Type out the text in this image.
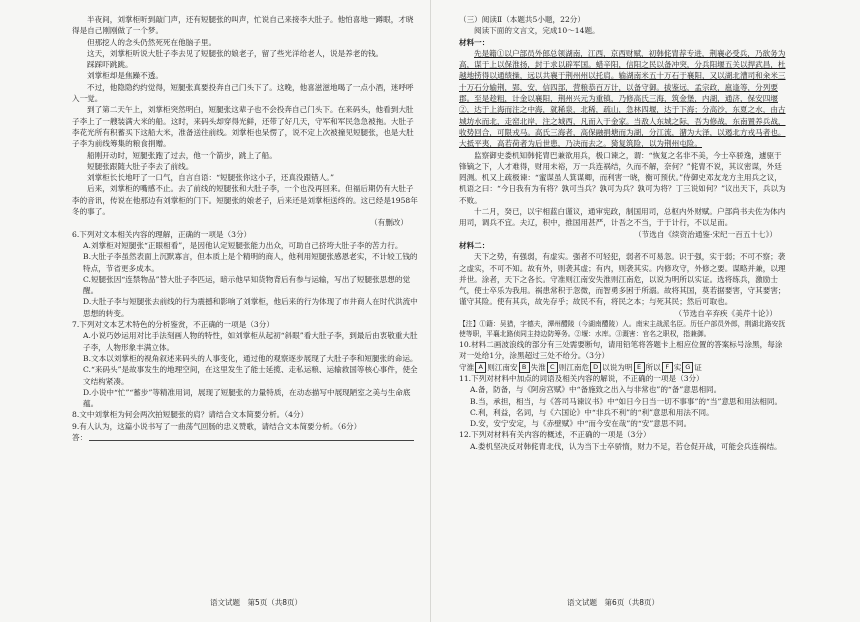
半夜间，刘掌柜听到敲门声，还有短腿张的叫声，忙说自己来接李大肚子。他怕喜地一蹲眼，才晓得是自己刚刚做了一个梦。

但那挖人的念头仍然死死在他脑子里。

这天，刘掌柜听说大肚子李去见了短腿张的娘老子，留了些光洋给老人，说是养老的钱。

踩踩吓跳跳。

刘掌柜却是焦躁不透。

不过，他隐隐约约觉得，短腿张真要投奔自己门头下了。这晚，他喜滋滋地喝了一点小酒，迷呼呼入一觉。

到了第二天午上，刘掌柜突然明白，短腿张这辈子也不会投奔自己门头下。在来码头，他看到大肚子李上了一艘装满大米的船。这时，来码头却穿得光鲜，还带了好几天，守军和军民急急被拖。大肚子李花光所有积蓄买下这船大米，准备送往前线。刘掌柜也呆愣了，说不定上次被撞见短腿张，也是大肚子李为前线筹集的粮食捐赠。

船刚开动时，短腿张跑了过去，他一个箭步，跳上了船。

短腿张跟随大肚子李去了前线。

刘掌柜长长地吁了一口气，自言自语：“短腿张你这小子，还真没跟错人。”

后来，刘掌柜的嘴感不止。去了前线的短腿张和大肚子李，一个也没再回来。但福后期仍有大肚子李的音讯，传说在他那边有刘掌柜的门下。短腿张的娘老子，后来还是刘掌柜送终的。这已经是1958年冬的事了。

（有删改）

6.下列对文本相关内容的理解，正确的一项是（3分）

A.刘掌柜对短腿张“正眼相看”，是因他认定短腿张能力出众，可助自己挤垮大肚子李的苦力行。

B.大肚子李虽然表面上沉默寡言，但本质上是个精明的商人，他利用短腿张感恩老实，不计较工钱的特点，节省更多成本。

C.短腿张因“连禁物品”替大肚子李匹运，暗示他早知货物背后有参与运输，写出了短腿张思想的觉醒。

D.大肚子李与短腿张去前线的行为震撼和影响了刘掌柜，他后来的行为体现了市井商人在时代洪流中思想的转变。

7.下列对文本艺术特色的分析鉴赏，不正确的一项是（3分）

A.小说巧妙运用对比手法刻画人物的特性，如刘掌柜从起初“斜眼”看大肚子李，到最后由衷敬重大肚子李，人物形象丰满立体。

B.文本以刘掌柜的视角叙述来码头的人事变化，通过他的观察逐步展现了大肚子李和短腿张的命运。

C.“来码头”是故事发生的地理空间，在这里发生了能士延揽、走私运粮、运输救国等核心事件，使全文结构紧凑。

D.小说中“忙”“蓄步”等精准用词，展现了短腿张的力量特质，在动态描写中展现陋室之美与生命底蕴。

8.文中刘掌柜为何会两次拍短腿张的肩？请结合文本简要分析。（4分）

9.有人认为，这篇小说书写了一曲荡气回肠的忠义赞歌，请结合文本简要分析。（6分）

答：
语文试题　第5页（共8页）

（三）阅读Ⅱ（本题共5小题，22分）

阅读下面的文言文，完成10～14题。

材料一：

先是籍①以户部员外郎总领湖南，江西，京西财赋，初韩侂胄荐专进，荆襄必受兵，乃欲务为高，谋于上以保淮扬，封于求以辟军国。蜡辛阳，信阳之民以备冲突，分兵阳堰五关以捍武昌，杜越地捞得以通绩操，远以共襄于荆州州以托肩。输湖南米五十万石于襄阳，又以湖北漕司和籴米三十万石分输荆，郢，安，信四部，营粮恭百万计，以备守御。拔鉴远，孟宗政，扈逢等，分列要郡。至是趁粗，计金以襄阳，荆州兴元为重镇，乃修高氏三海，筑金堡，内湖，通济，保安四堰②，达于上海而注之中海，就稀泉，北稀，疏山，急林四堰，达于下海；分高沙，东夏之水，由古城坊水而北，走窑北岸，注之城西，凡而入于金家。当敌人东城之际，吾为修战，东南置养兵战，收势回合，可限戎马。高氏三海者，高保融捐塘而为湖，分江流，潴为大泽，以遏北方戎马者也。大抵平夷，高若荷者为后世患，乃决而去之。猗复筑险，以为荆州屯险。

监察御史娄机知韩侂胄巴兼欲用兵，极口谏之，谓：“恢复之名非不美，今士卒骄逸，遽驱于锋镝之下，人才难得，财用未裕，万一兵连祸结，久而不解，奈何？”侂胄不说，其议密谋，外廷罔测。机又上疏极谏：“蜜谋虽人箕谋卿，而利害一晓，衡可预伏。”侍御史邓友龙方主用兵之议，机语之曰：“今日我有为有将？孰可当兵？孰可为兵？孰可为将？丁三说如何？”议出天下，兵以为不败。

十二月，癸已，以宇相蓝白谨议，通审宪政，制国用司，总枢内外财赋。户部尚书夫佐为体内用司，调兵不宜。夫辽，积中，推国用甚严，计吾之不当，于于计行，不以足而。

（节选自《续资治通鉴·宋纪一百五十七》）

材料二：

天下之势，有强弱，有虚实。强者不可轻犯，弱者不可易忽。识于强，实于弱；不可不察；袭之虚实，不可不知。故有外，则袭其虚；有内，则袭其实。内修攻守，外修之要。谋略并兼，以理并世。涂者，天下之各长。守准则江南安失淮则江南危，以说为明所以实证。选将练兵，激励士气，使士卒乐为我用。祸患常积于忽微，而智勇多困于所溺。故将其国，莫若据要害，守其要害；谨守其险。使有其兵，故先存乎；故民不有，将民之本；与死其民；然后可取也。

（节选自辛弃疾《美芹十论》）

【注】①籍：吴猎，字德夫，潭州醴陵（今湖南醴陵）人。南宋主战派名臣。历任户部员外郎，荆湖北路安抚使等职，平襄北路侦同主持边防筹务。②堰：水库。③溉害：官名之职权，指兼御。

10.材料二画波浪线的部分有三处需要断句，请用铅笔将答题卡上相应位置的答案标号涂黑，每涂对一处给1分，涂黑超过三处不给分。（3分）

守淮 A 则江南安 B 失淮 C 则江南危 D 以说为明 E 所以 F 实 G 证

11.下列对材料中加点的词语及相关内容的解说，不正确的一项是（3分）

A.备，防备，与《阿房宫赋》中“备施致之出入与非常也”的“备”意思相同。

B.当，承担，相当，与《答司马谏议书》中“如日今日当一切不事事”的“当”意思和用法相同。

C.利，利益，名词，与《六国论》中“非兵不利”的“利”意思和用法不同。

D.安，安宁安定，与《赤壁赋》中“而今安在哉”的“安”意思不同。

12.下列对材料有关内容的概述，不正确的一项是（3分）

A.娄机坚决反对韩侂胄北伐，认为当下士卒骄惰，财力不足，若仓促开战，可能会兵连祸结。

语文试题　第6页（共8页）
